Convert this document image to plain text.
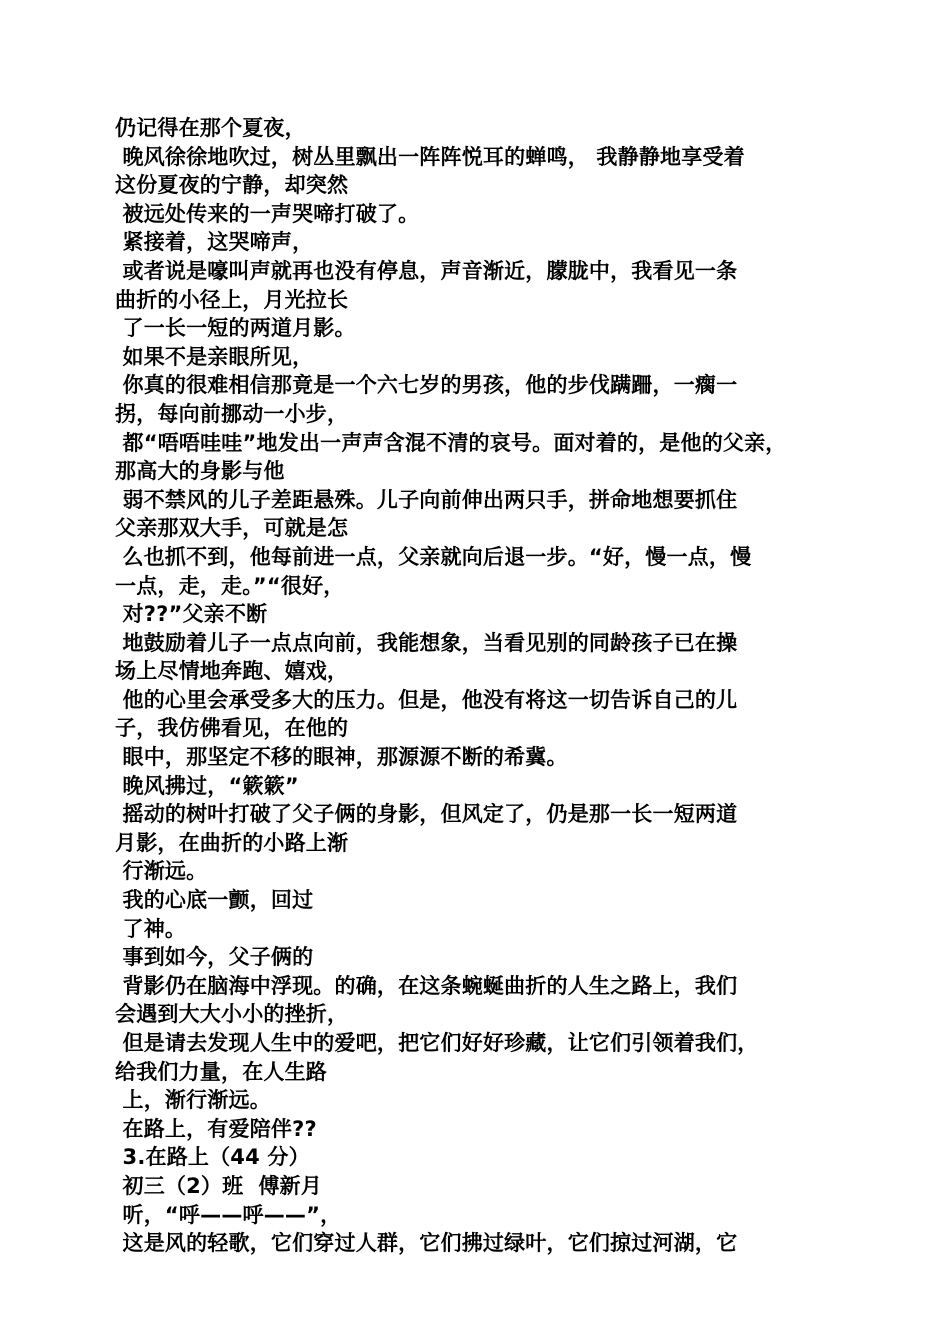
仍记得在那个夏夜，
晚风徐徐地吹过，树丛里飘出一阵阵悦耳的蝉鸣， 我静静地享受着
这份夏夜的宁静，却突然
被远处传来的一声哭啼打破了。
紧接着，这哭啼声，
或者说是嚎叫声就再也没有停息，声音渐近，朦胧中，我看见一条
曲折的小径上，月光拉长
了一长一短的两道月影。
如果不是亲眼所见，
你真的很难相信那竟是一个六七岁的男孩，他的步伐蹒跚，一瘸一
拐，每向前挪动一小步，
都“唔唔哇哇”地发出一声声含混不清的哀号。面对着的，是他的父亲，
那高大的身影与他
弱不禁风的儿子差距悬殊。儿子向前伸出两只手，拼命地想要抓住
父亲那双大手，可就是怎
么也抓不到，他每前进一点，父亲就向后退一步。“好，慢一点，慢
一点，走，走。”“很好，
对??”父亲不断
地鼓励着儿子一点点向前，我能想象，当看见别的同龄孩子已在操
场上尽情地奔跑、嬉戏，
他的心里会承受多大的压力。但是，他没有将这一切告诉自己的儿
子，我仿佛看见，在他的
眼中，那坚定不移的眼神，那源源不断的希冀。
晚风拂过，“簌簌”
摇动的树叶打破了父子俩的身影，但风定了，仍是那一长一短两道
月影，在曲折的小路上渐
行渐远。
我的心底一颤，回过
了神。
事到如今，父子俩的
背影仍在脑海中浮现。的确，在这条蜿蜒曲折的人生之路上，我们
会遇到大大小小的挫折，
但是请去发现人生中的爱吧，把它们好好珍藏，让它们引领着我们，
给我们力量，在人生路
上，渐行渐远。
在路上，有爱陪伴??
3.在路上（44 分）
初三（2）班  傅新月
听，“呼——呼——”，
这是风的轻歌，它们穿过人群，它们拂过绿叶，它们掠过河湖，它
